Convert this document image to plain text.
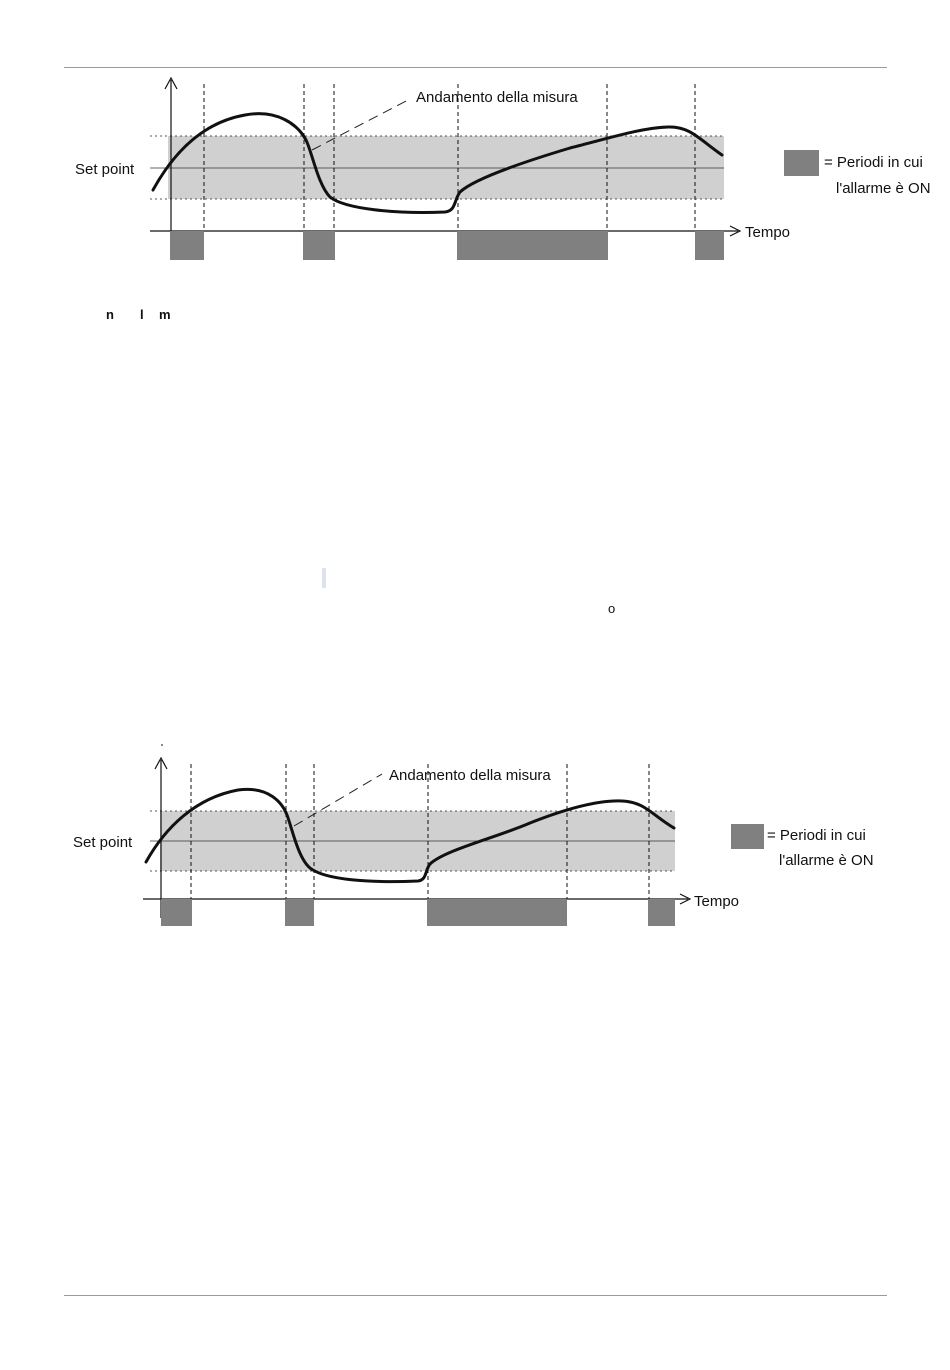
Andamento della misura
Set point
Tempo
= Periodi in cui
l'allarme è ON
n l m
o
Andamento della misura
Set point
Tempo
= Periodi in cui
l'allarme è ON
